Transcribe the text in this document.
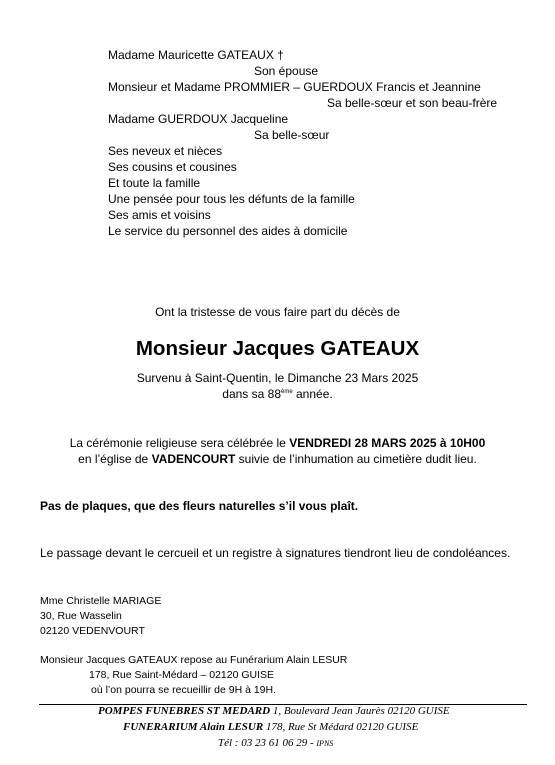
Madame Mauricette GATEAUX †
Son épouse
Monsieur et Madame PROMMIER – GUERDOUX Francis et Jeannine
Sa belle-sœur et son beau-frère
Madame GUERDOUX Jacqueline
Sa belle-sœur
Ses neveux et nièces
Ses cousins et cousines
Et toute la famille
Une pensée pour tous les défunts de la famille
Ses amis et voisins
Le service du personnel des aides à domicile
Ont la tristesse de vous faire part du décès de
Monsieur Jacques GATEAUX
Survenu à Saint-Quentin, le Dimanche 23 Mars 2025
dans sa 88ème année.
La cérémonie religieuse sera célébrée le VENDREDI 28 MARS 2025 à 10H00
en l’église de VADENCOURT suivie de l’inhumation au cimetière dudit lieu.
Pas de plaques, que des fleurs naturelles s’il vous plaît.
Le passage devant le cercueil et un registre à signatures tiendront lieu de condoléances.
Mme Christelle MARIAGE
30, Rue Wasselin
02120 VEDENVOURT
Monsieur Jacques GATEAUX repose au Funérarium Alain LESUR
178, Rue Saint-Médard – 02120 GUISE
où l’on pourra se recueillir de 9H à 19H.
POMPES FUNEBRES ST MEDARD 1, Boulevard Jean Jaurès 02120 GUISE
FUNERARIUM Alain LESUR 178, Rue St Médard 02120 GUISE
Tél : 03 23 61 06 29 - IPNS
